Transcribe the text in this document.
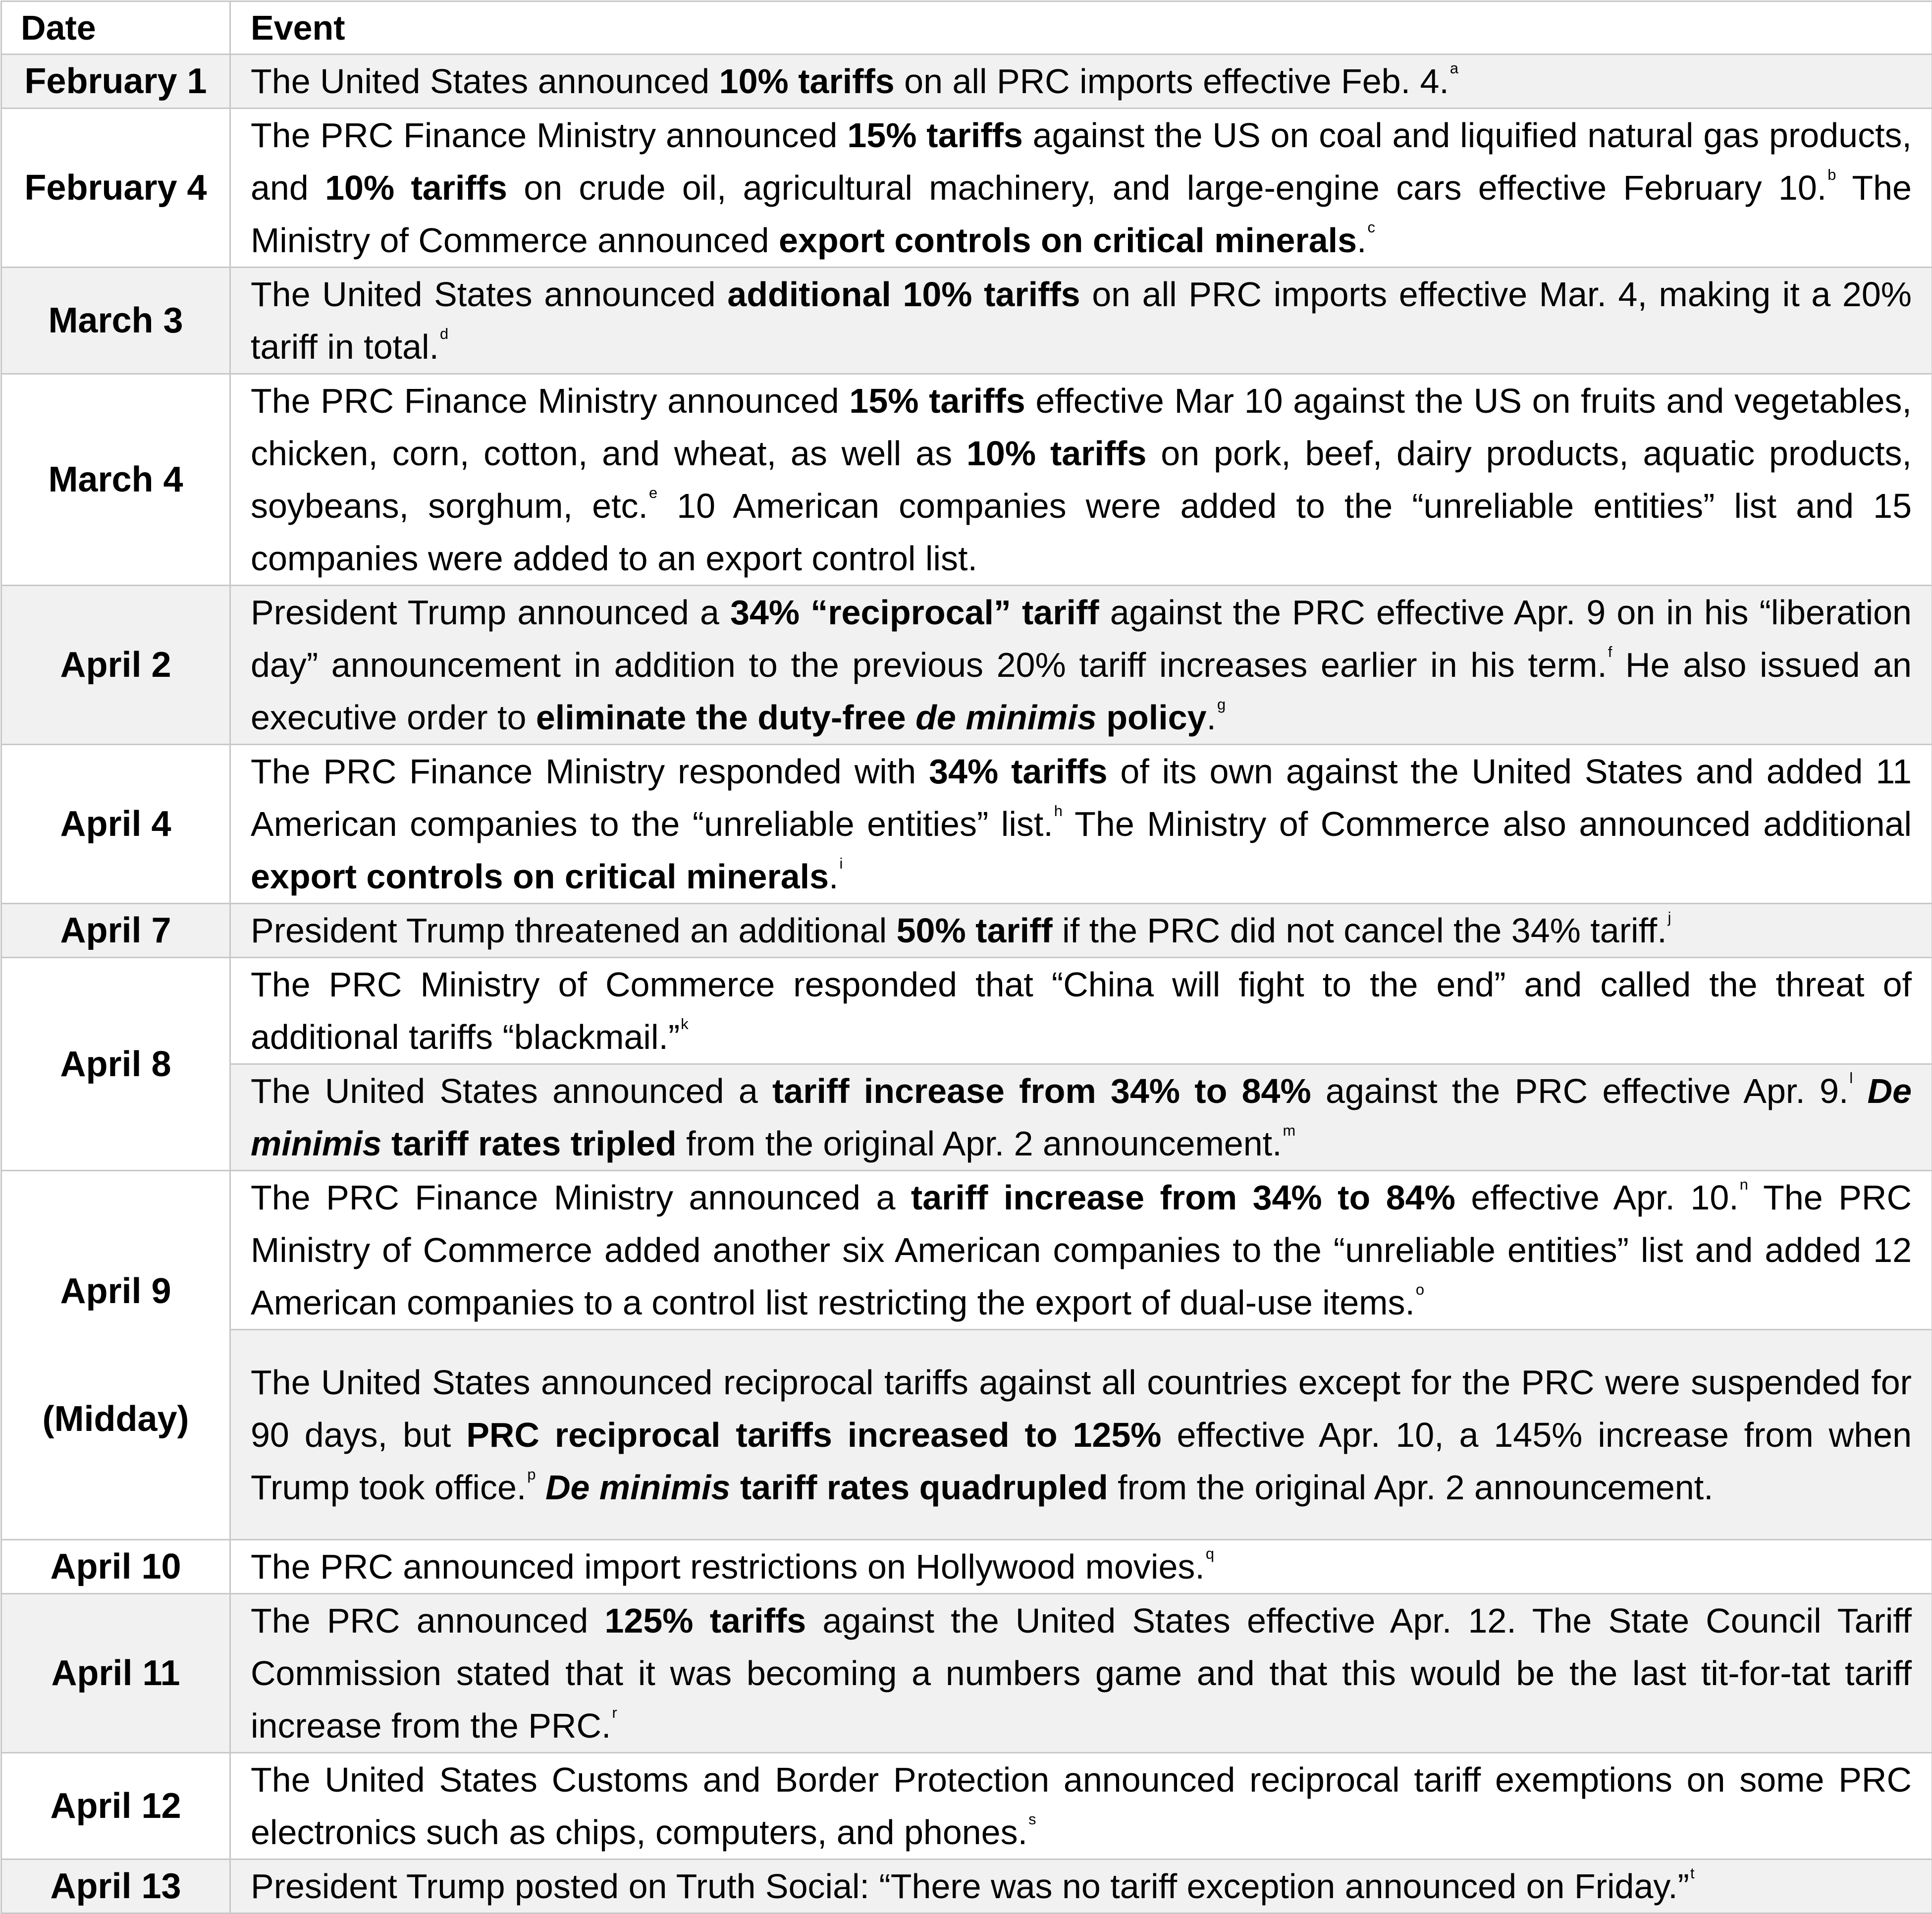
Date	Event
February 1	The United States announced 10% tariffs on all PRC imports effective Feb. 4.$^a$
February 4	The PRC Finance Ministry announced 15% tariffs against the US on coal and liquified natural gas products, and 10% tariffs on crude oil, agricultural machinery, and large-engine cars effective February 10.$^b$ The Ministry of Commerce announced export controls on critical minerals.$^c$
March 3	The United States announced additional 10% tariffs on all PRC imports effective Mar. 4, making it a 20% tariff in total.$^d$
March 4	The PRC Finance Ministry announced 15% tariffs effective Mar 10 against the US on fruits and vegetables, chicken, corn, cotton, and wheat, as well as 10% tariffs on pork, beef, dairy products, aquatic products, soybeans, sorghum, etc.$^e$ 10 American companies were added to the “unreliable entities” list and 15 companies were added to an export control list.
April 2	President Trump announced a 34% “reciprocal” tariff against the PRC effective Apr. 9 on in his “liberation day” announcement in addition to the previous 20% tariff increases earlier in his term.$^f$ He also issued an executive order to eliminate the duty-free de minimis policy.$^g$
April 4	The PRC Finance Ministry responded with 34% tariffs of its own against the United States and added 11 American companies to the “unreliable entities” list.$^h$ The Ministry of Commerce also announced additional export controls on critical minerals.$^i$
April 7	President Trump threatened an additional 50% tariff if the PRC did not cancel the 34% tariff.$^j$
April 8	The PRC Ministry of Commerce responded that “China will fight to the end” and called the threat of additional tariffs “blackmail.”$^k$
	The United States announced a tariff increase from 34% to 84% against the PRC effective Apr. 9.$^l$ De minimis tariff rates tripled from the original Apr. 2 announcement.$^m$

April 9
(Midday)	The PRC Finance Ministry announced a tariff increase from 34% to 84% effective Apr. 10.$^n$ The PRC Ministry of Commerce added another six American companies to the “unreliable entities” list and added 12 American companies to a control list restricting the export of dual-use items.$^o$
	The United States announced reciprocal tariffs against all countries except for the PRC were suspended for 90 days, but PRC reciprocal tariffs increased to 125% effective Apr. 10, a 145% increase from when Trump took office.$^p$ De minimis tariff rates quadrupled from the original Apr. 2 announcement.
April 10	The PRC announced import restrictions on Hollywood movies.$^q$
April 11	The PRC announced 125% tariffs against the United States effective Apr. 12. The State Council Tariff Commission stated that it was becoming a numbers game and that this would be the last tit-for-tat tariff increase from the PRC.$^r$
April 12	The United States Customs and Border Protection announced reciprocal tariff exemptions on some PRC electronics such as chips, computers, and phones.$^s$
April 13	President Trump posted on Truth Social: “There was no tariff exception announced on Friday.”$^t$
